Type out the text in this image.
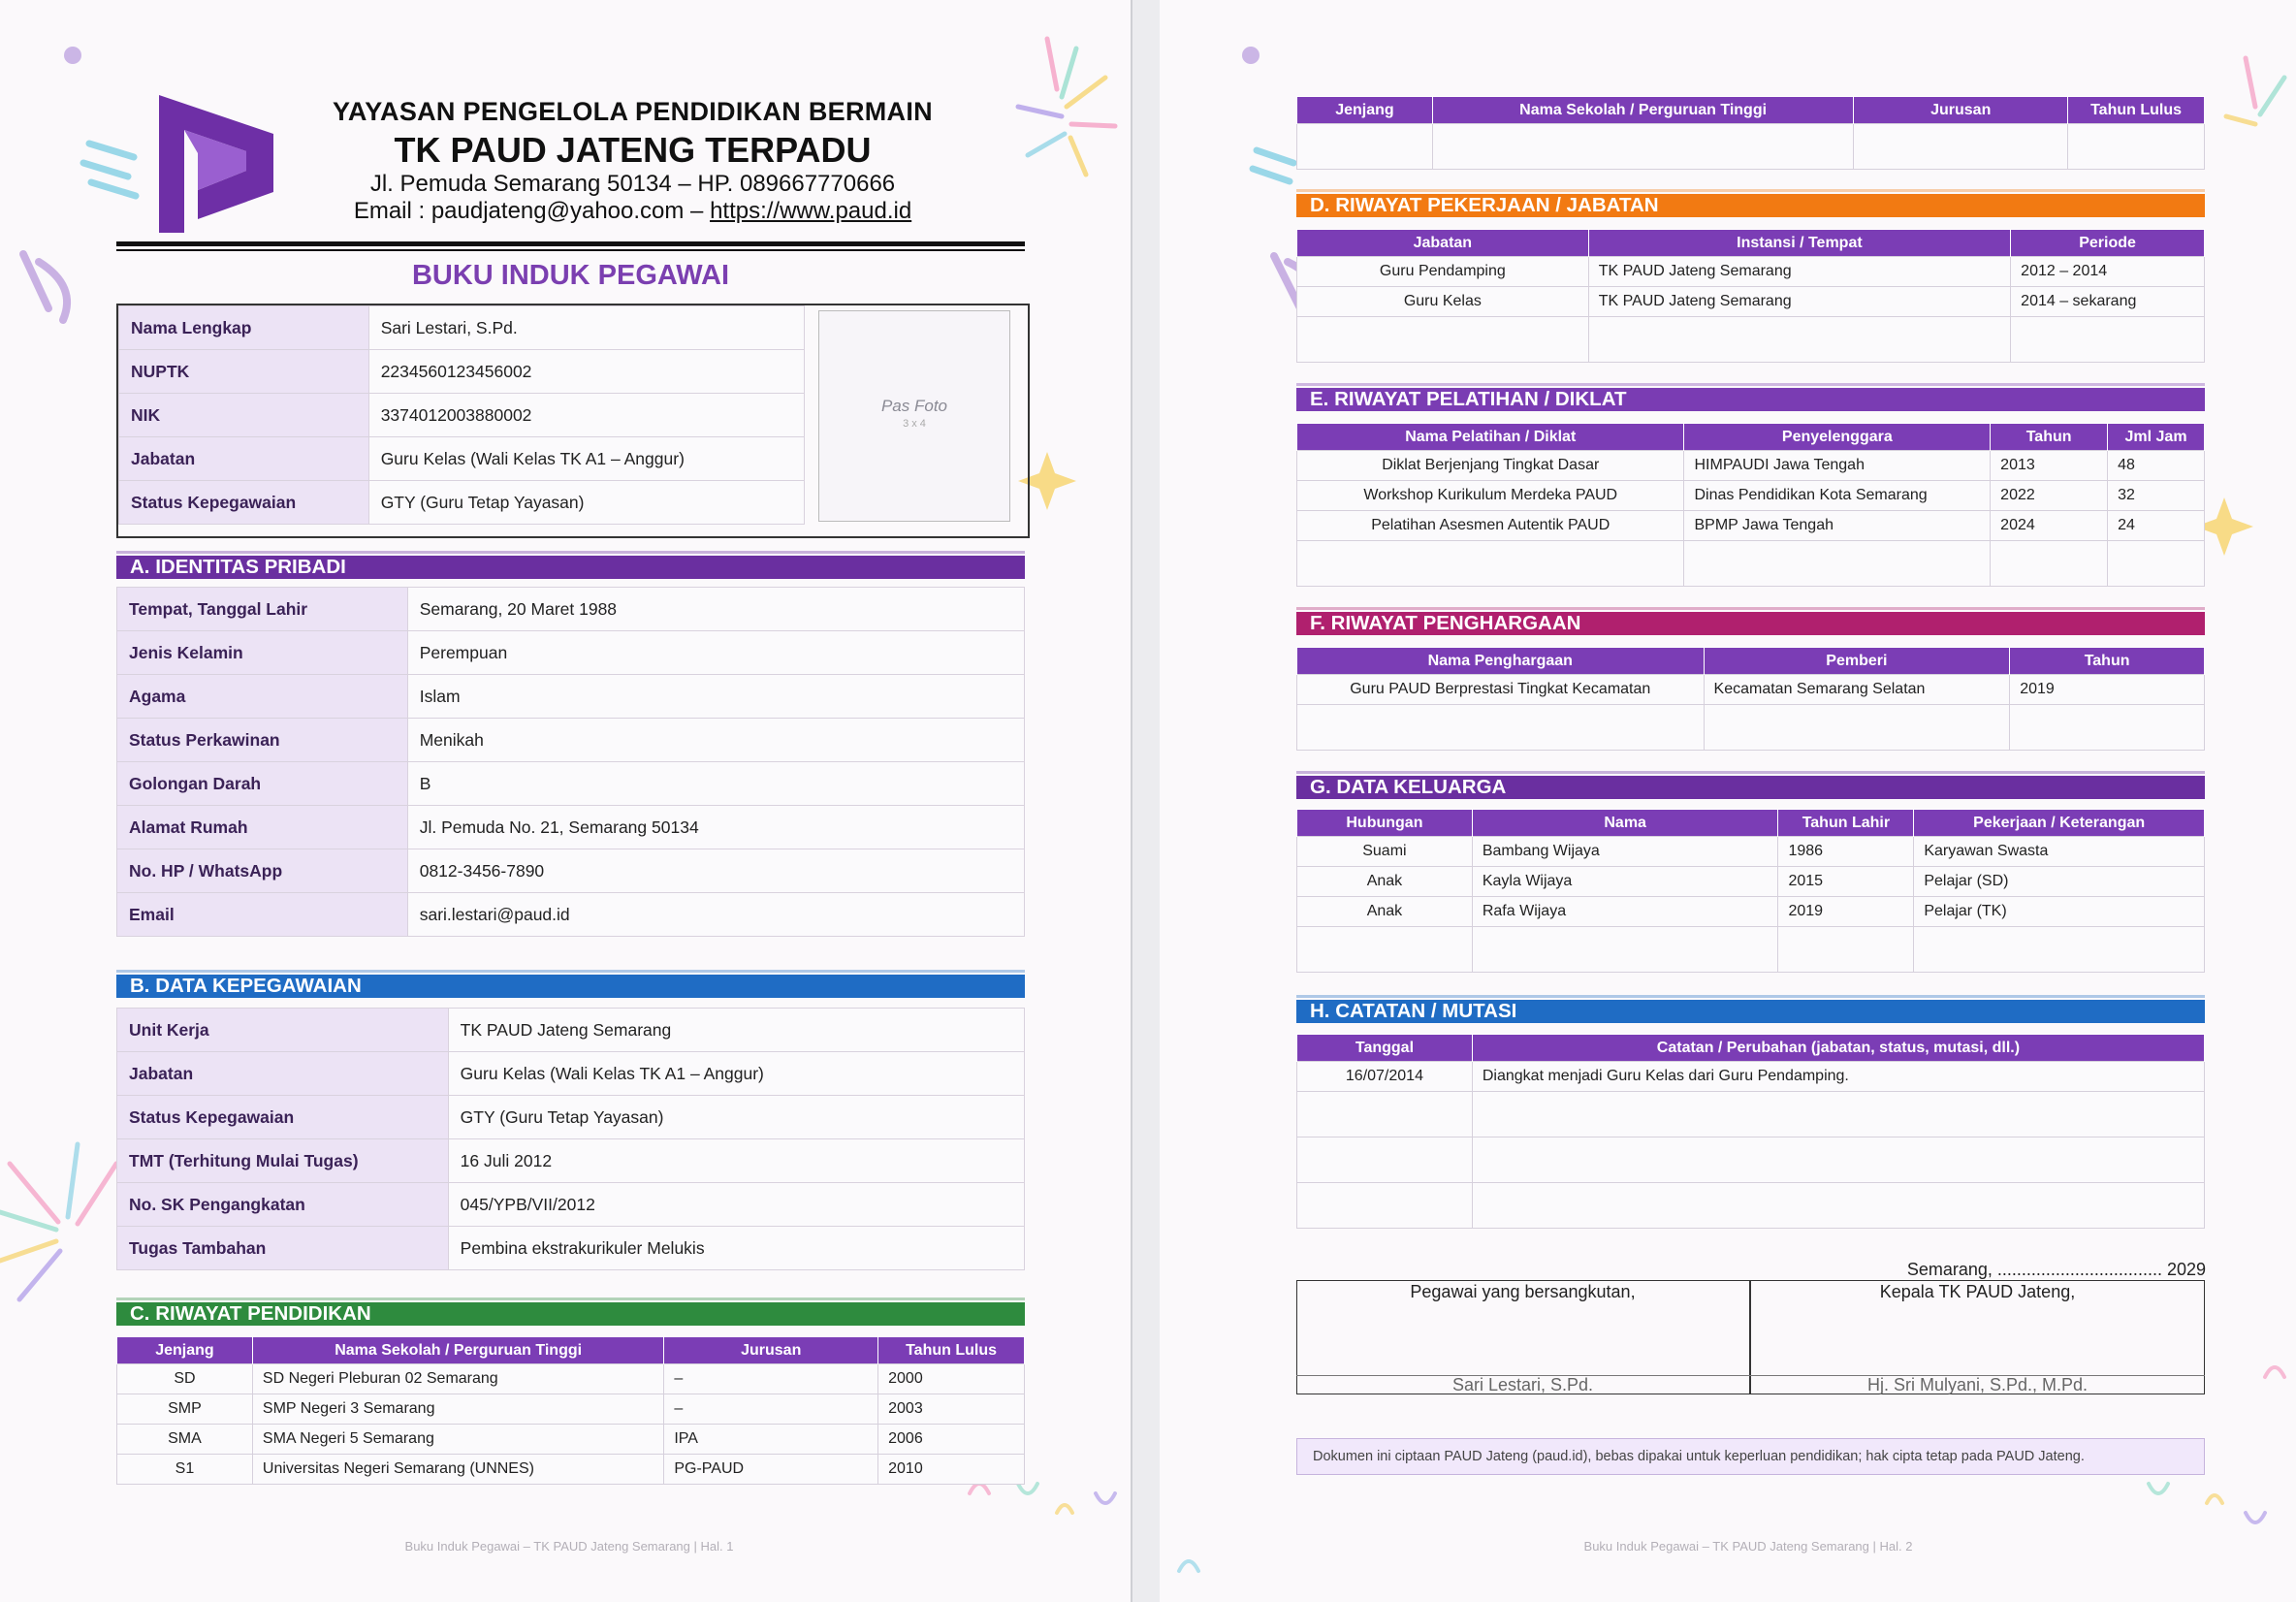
YAYASAN PENGELOLA PENDIDIKAN BERMAIN
TK PAUD JATENG TERPADU
Jl. Pemuda Semarang 50134 – HP. 089667770666
Email : paudjateng@yahoo.com – https://www.paud.id
BUKU INDUK PEGAWAI
Nama Lengkap	Sari Lestari, S.Pd.
NUPTK	2234560123456002
NIK	3374012003880002
Jabatan	Guru Kelas (Wali Kelas TK A1 – Anggur)
Status Kepegawaian	GTY (Guru Tetap Yayasan)
Pas Foto
3 x 4
A. IDENTITAS PRIBADI
Tempat, Tanggal Lahir	Semarang, 20 Maret 1988
Jenis Kelamin	Perempuan
Agama	Islam
Status Perkawinan	Menikah
Golongan Darah	B
Alamat Rumah	Jl. Pemuda No. 21, Semarang 50134
No. HP / WhatsApp	0812-3456-7890
Email	sari.lestari@paud.id
B. DATA KEPEGAWAIAN
Unit Kerja	TK PAUD Jateng Semarang
Jabatan	Guru Kelas (Wali Kelas TK A1 – Anggur)
Status Kepegawaian	GTY (Guru Tetap Yayasan)
TMT (Terhitung Mulai Tugas)	16 Juli 2012
No. SK Pengangkatan	045/YPB/VII/2012
Tugas Tambahan	Pembina ekstrakurikuler Melukis
C. RIWAYAT PENDIDIKAN
Jenjang	Nama Sekolah / Perguruan Tinggi	Jurusan	Tahun Lulus
SD	SD Negeri Pleburan 02 Semarang	–	2000
SMP	SMP Negeri 3 Semarang	–	2003
SMA	SMA Negeri 5 Semarang	IPA	2006
S1	Universitas Negeri Semarang (UNNES)	PG-PAUD	2010
Buku Induk Pegawai – TK PAUD Jateng Semarang | Hal. 1
Jenjang	Nama Sekolah / Perguruan Tinggi	Jurusan	Tahun Lulus

D. RIWAYAT PEKERJAAN / JABATAN
Jabatan	Instansi / Tempat	Periode
Guru Pendamping	TK PAUD Jateng Semarang	2012 – 2014
Guru Kelas	TK PAUD Jateng Semarang	2014 – sekarang

E. RIWAYAT PELATIHAN / DIKLAT
Nama Pelatihan / Diklat	Penyelenggara	Tahun	Jml Jam
Diklat Berjenjang Tingkat Dasar	HIMPAUDI Jawa Tengah	2013	48
Workshop Kurikulum Merdeka PAUD	Dinas Pendidikan Kota Semarang	2022	32
Pelatihan Asesmen Autentik PAUD	BPMP Jawa Tengah	2024	24

F. RIWAYAT PENGHARGAAN
Nama Penghargaan	Pemberi	Tahun
Guru PAUD Berprestasi Tingkat Kecamatan	Kecamatan Semarang Selatan	2019

G. DATA KELUARGA
Hubungan	Nama	Tahun Lahir	Pekerjaan / Keterangan
Suami	Bambang Wijaya	1986	Karyawan Swasta
Anak	Kayla Wijaya	2015	Pelajar (SD)
Anak	Rafa Wijaya	2019	Pelajar (TK)

H. CATATAN / MUTASI
Tanggal	Catatan / Perubahan (jabatan, status, mutasi, dll.)
16/07/2014	Diangkat menjadi Guru Kelas dari Guru Pendamping.

Semarang, .................................. 2029
Pegawai yang bersangkutan,	Kepala TK PAUD Jateng,
Sari Lestari, S.Pd.	Hj. Sri Mulyani, S.Pd., M.Pd.
Dokumen ini ciptaan PAUD Jateng (paud.id), bebas dipakai untuk keperluan pendidikan; hak cipta tetap pada PAUD Jateng.
Buku Induk Pegawai – TK PAUD Jateng Semarang | Hal. 2
